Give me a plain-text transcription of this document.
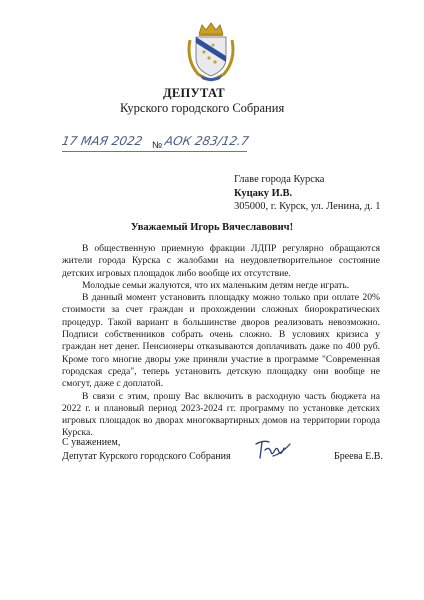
ДЕПУТАТ
Курского городского Собрания
17 МАЯ 2022 № АОК 283/12.7
Главе города Курска
Куцаку И.В.
305000, г. Курск, ул. Ленина, д. 1
Уважаемый Игорь Вячеславович!

В общественную приемную фракции ЛДПР регулярно обращаются жители города Курска с жалобами на неудовлетворительное состояние детских игровых площадок либо вообще их отсутствие.

Молодые семьи жалуются, что их маленьким детям негде играть.

В данный момент установить площадку можно только при оплате 20% стоимости за счет граждан и прохождении сложных биорократических процедур. Такой вариант в большинстве дворов реализовать невозможно. Подписи собственников собрать очень сложно. В условиях кризиса у граждан нет денег. Пенсионеры отказываются доплачивать даже по 400 руб. Кроме того многие дворы уже приняли участие в программе "Современная городская среда", теперь установить детскую площадку они вообще не смогут, даже с доплатой.

В связи с этим, прошу Вас включить в расходную часть бюджета на 2022 г. и плановый период 2023-2024 гг. программу по установке детских игровых площадок во дворах многоквартирных домов на территории города Курска.

С уважением,
Депутат Курского городского Собрания	Бреева Е.В.
